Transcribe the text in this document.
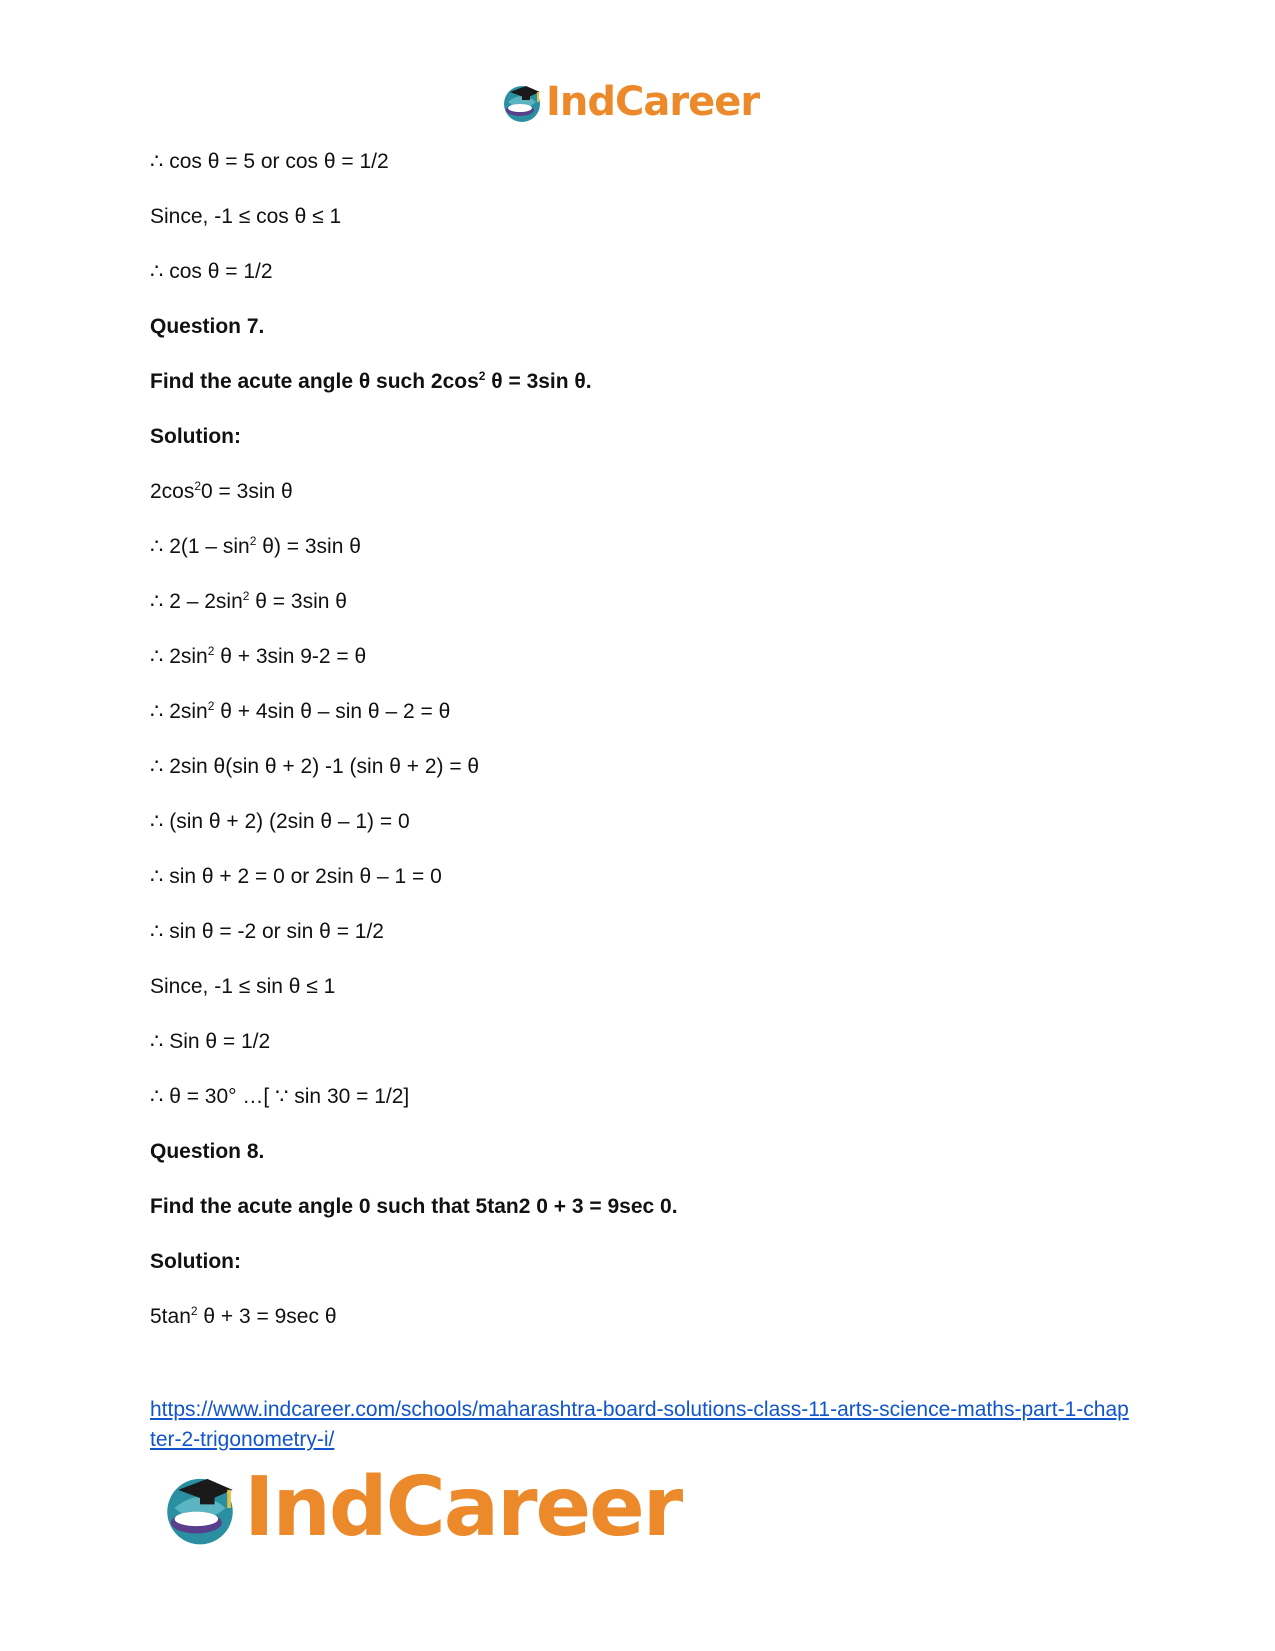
IndCareer
∴ cos θ = 5 or cos θ = 1/2
Since, -1 ≤ cos θ ≤ 1
∴ cos θ = 1/2
Question 7.
Find the acute angle θ such $2\cos^2$ θ = 3sin θ.
Solution:
$2\cos^20 = 3\sin$ θ
∴ $2(1 - \sin^2 \theta) = 3\sin$ θ
∴ $2 - 2\sin^2$ θ = 3sin θ
∴ $2\sin^2$ θ + 3sin 9-2 = θ
∴ $2\sin^2$ θ + 4sin θ – sin θ – 2 = θ
∴ 2sin θ(sin θ + 2) -1 (sin θ + 2) = θ
∴ (sin θ + 2) (2sin θ – 1) = 0
∴ sin θ + 2 = 0 or 2sin θ – 1 = 0
∴ sin θ = -2 or sin θ = 1/2
Since, -1 ≤ sin θ ≤ 1
∴ Sin θ = 1/2
∴ θ = 30° …[ ∵ sin 30 = 1/2]
Question 8.
Find the acute angle 0 such that 5tan2 0 + 3 = 9sec 0.
Solution:
$5\tan^2$ θ + 3 = 9sec θ
https://www.indcareer.com/schools/maharashtra-board-solutions-class-11-arts-science-maths-part-1-chapter-2-trigonometry-i/
IndCareer
